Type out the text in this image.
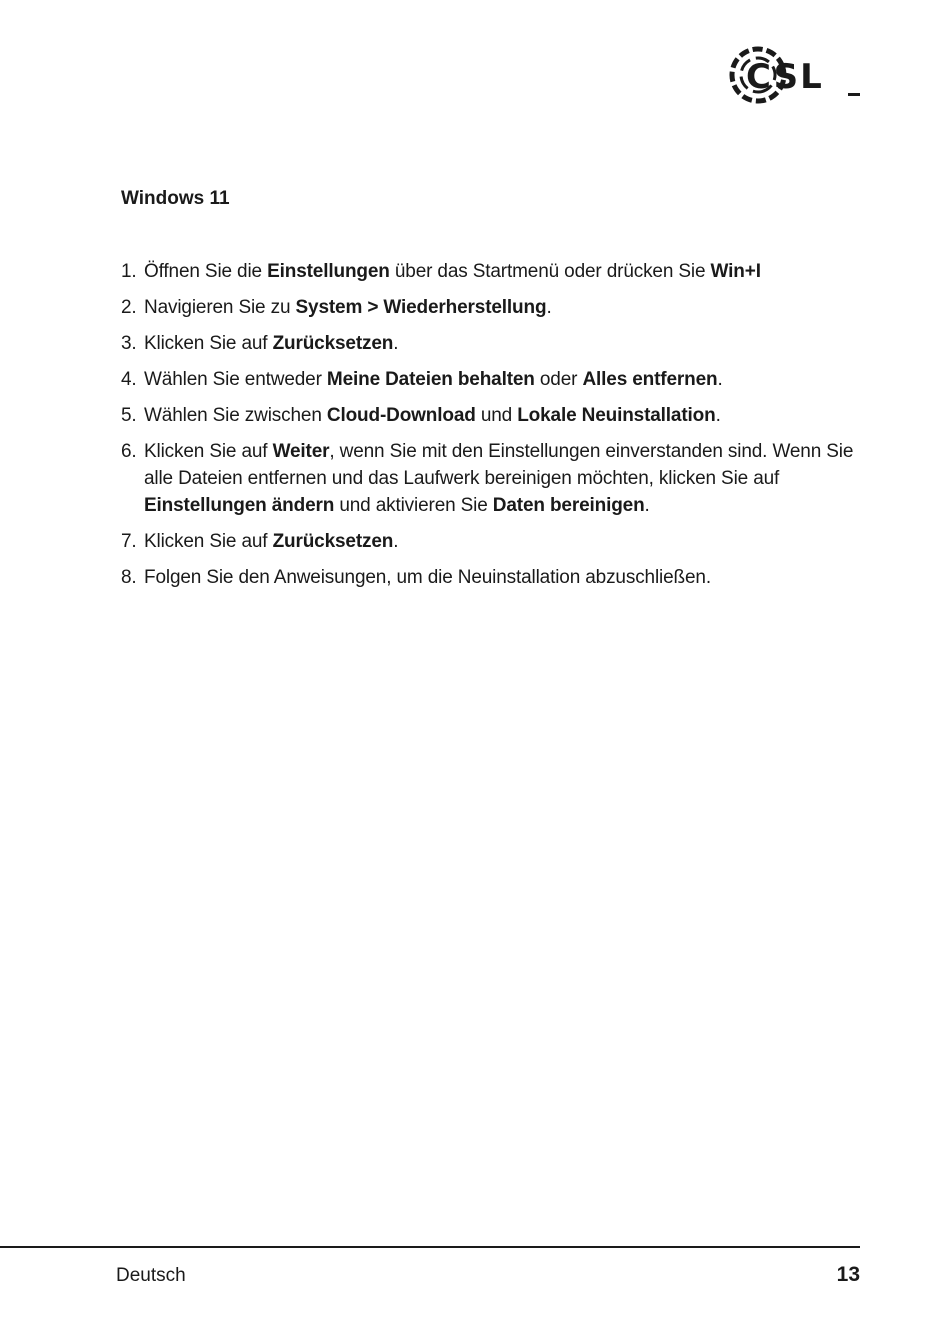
CSL
Windows 11
1. Öffnen Sie die Einstellungen über das Startmenü oder drücken Sie Win+I
2. Navigieren Sie zu System > Wiederherstellung.
3. Klicken Sie auf Zurücksetzen.
4. Wählen Sie entweder Meine Dateien behalten oder Alles entfernen.
5. Wählen Sie zwischen Cloud-Download und Lokale Neuinstallation.
6. Klicken Sie auf Weiter, wenn Sie mit den Einstellungen einverstanden sind. Wenn Sie alle Dateien entfernen und das Laufwerk bereinigen möchten, klicken Sie auf Einstellungen ändern und aktivieren Sie Daten bereinigen.
7. Klicken Sie auf Zurücksetzen.
8. Folgen Sie den Anweisungen, um die Neuinstallation abzuschließen.
Deutsch	13
